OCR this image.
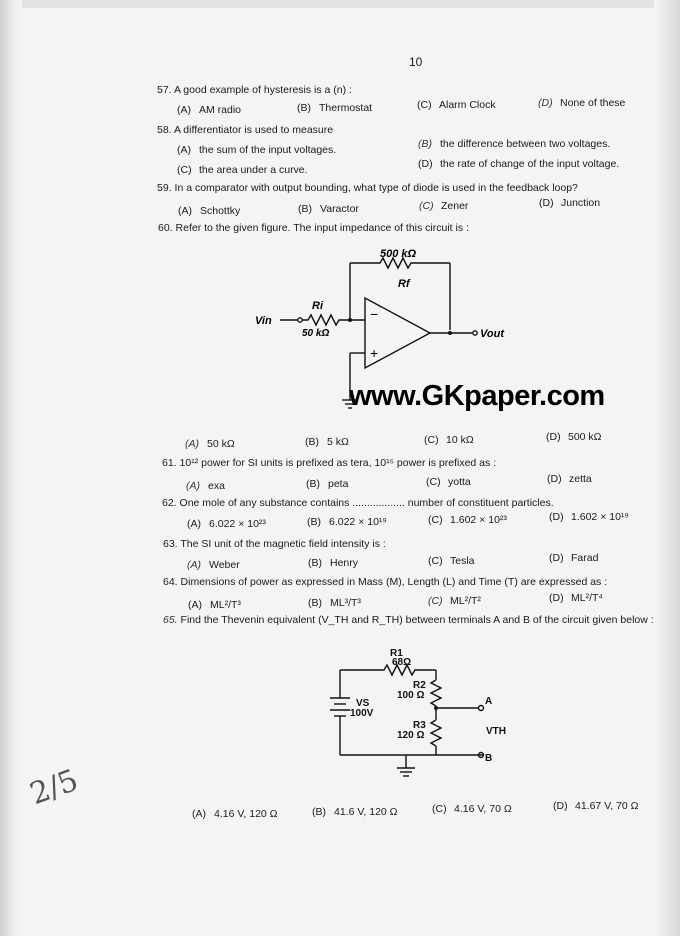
10
57. A good example of hysteresis is a (n) :
(A) AM radio	(B) Thermostat	(C) Alarm Clock	(D) None of these
58. A differentiator is used to measure
(A) the sum of the input voltages.	(B) the difference between two voltages.
(C) the area under a curve.	(D) the rate of change of the input voltage.
59. In a comparator with output bounding, what type of diode is used in the feedback loop?
(A) Schottky	(B) Varactor	(C) Zener	(D) Junction
60. Refer to the given figure. The input impedance of this circuit is :
500 kΩ
Rf
Ri
50 kΩ
Vin
Vout
−
+
www.GKpaper.com
(A) 50 kΩ	(B) 5 kΩ	(C) 10 kΩ	(D) 500 kΩ
61. 10¹² power for SI units is prefixed as tera, 10¹⁵ power is prefixed as :
(A) exa	(B) peta	(C) yotta	(D) zetta
62. One mole of any substance contains .................. number of constituent particles.
(A) 6.022 × 10²³	(B) 6.022 × 10¹⁹	(C) 1.602 × 10²³	(D) 1.602 × 10¹⁹
63. The SI unit of the magnetic field intensity is :
(A) Weber	(B) Henry	(C) Tesla	(D) Farad
64. Dimensions of power as expressed in Mass (M), Length (L) and Time (T) are expressed as :
(A) ML²/T³	(B) ML³/T³	(C) ML²/T²	(D) ML²/T⁴
65. Find the Thevenin equivalent (V_TH and R_TH) between terminals A and B of the circuit given below :
R1
68Ω
R2
100 Ω
R3
120 Ω
VS
100V
A
B
VTH
(A) 4.16 V, 120 Ω	(B) 41.6 V, 120 Ω	(C) 4.16 V, 70 Ω	(D) 41.67 V, 70 Ω
2/5
